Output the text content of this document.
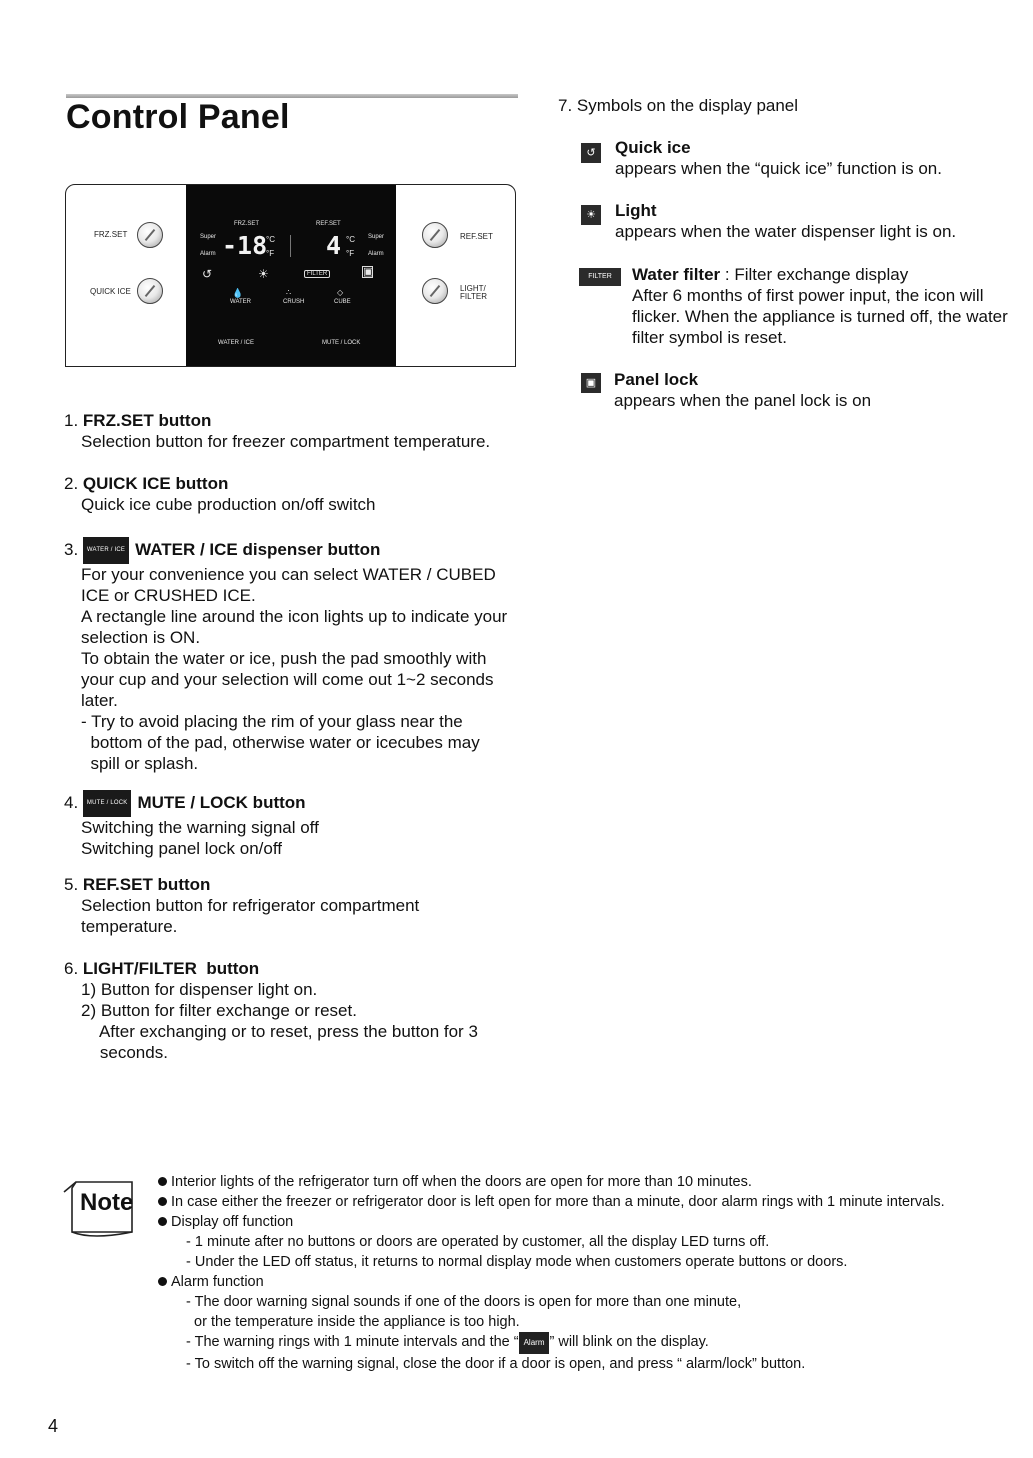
Control Panel
FRZ.SET
QUICK ICE
REF.SET
LIGHT/
FILTER
FRZ.SET	REF.SET
Super
Alarm -18
°C
°F 4 °C
°F
Super
Alarm
↺	☀	FILTER	▣
💧
WATER
∴
CRUSH
◇
CUBE
WATER / ICE	MUTE / LOCK
1. FRZ.SET button
Selection button for freezer compartment temperature.
2. QUICK ICE button
Quick ice cube production on/off switch
3. WATER / ICE WATER / ICE dispenser button
For your convenience you can select WATER / CUBED
ICE or CRUSHED ICE.
A rectangle line around the icon lights up to indicate your
selection is ON.
To obtain the water or ice, push the pad smoothly with
your cup and your selection will come out 1~2 seconds
later.
- Try to avoid placing the rim of your glass near the
bottom of the pad, otherwise water or icecubes may
spill or splash.
4. MUTE / LOCK MUTE / LOCK button
Switching the warning signal off
Switching panel lock on/off
5. REF.SET button
Selection button for refrigerator compartment
temperature.
6. LIGHT/FILTER  button
1) Button for dispenser light on.
2) Button for filter exchange or reset.
After exchanging or to reset, press the button for 3
seconds.
7. Symbols on the display panel
↺	Quick ice
appears when the “quick ice” function is on.
☀ Light
appears when the water dispenser light is on.
FILTER	Water filter : Filter exchange display
After 6 months of first power input, the icon will
flicker. When the appliance is turned off, the water
filter symbol is reset.
▣ Panel lock
appears when the panel lock is on
Note
Interior lights of the refrigerator turn off when the doors are open for more than 10 minutes.
In case either the freezer or refrigerator door is left open for more than a minute, door alarm rings with 1 minute intervals.
Display off function
- 1 minute after no buttons or doors are operated by customer, all the display LED turns off.
- Under the LED off status, it returns to normal display mode when customers operate buttons or doors.
Alarm function
- The door warning signal sounds if one of the doors is open for more than one minute,
or the temperature inside the appliance is too high.
- The warning rings with 1 minute intervals and the “ Alarm ” will blink on the display.
- To switch off the warning signal, close the door if a door is open, and press “ alarm/lock” button.
4
